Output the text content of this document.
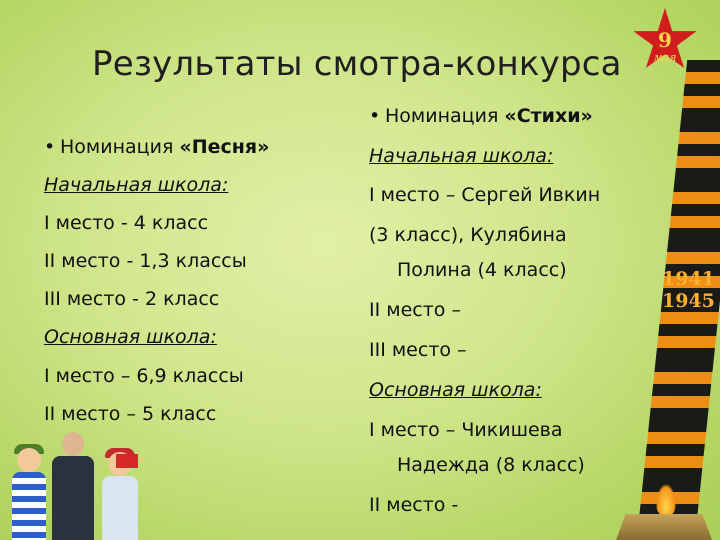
Результаты смотра-конкурса
• Номинация «Песня»
Начальная школа:
I место - 4 класс
II место - 1,3 классы
III место - 2 класс
Основная школа:
I место – 6,9 классы
II место – 5 класс
• Номинация «Стихи»
Начальная школа:
I место – Сергей Ивкин
(3 класс), Кулябина
Полина (4 класс)
II место –
III место –
Основная школа:
I место – Чикишева
Надежда (8 класс)
II место -
1941
1945
9
мая
